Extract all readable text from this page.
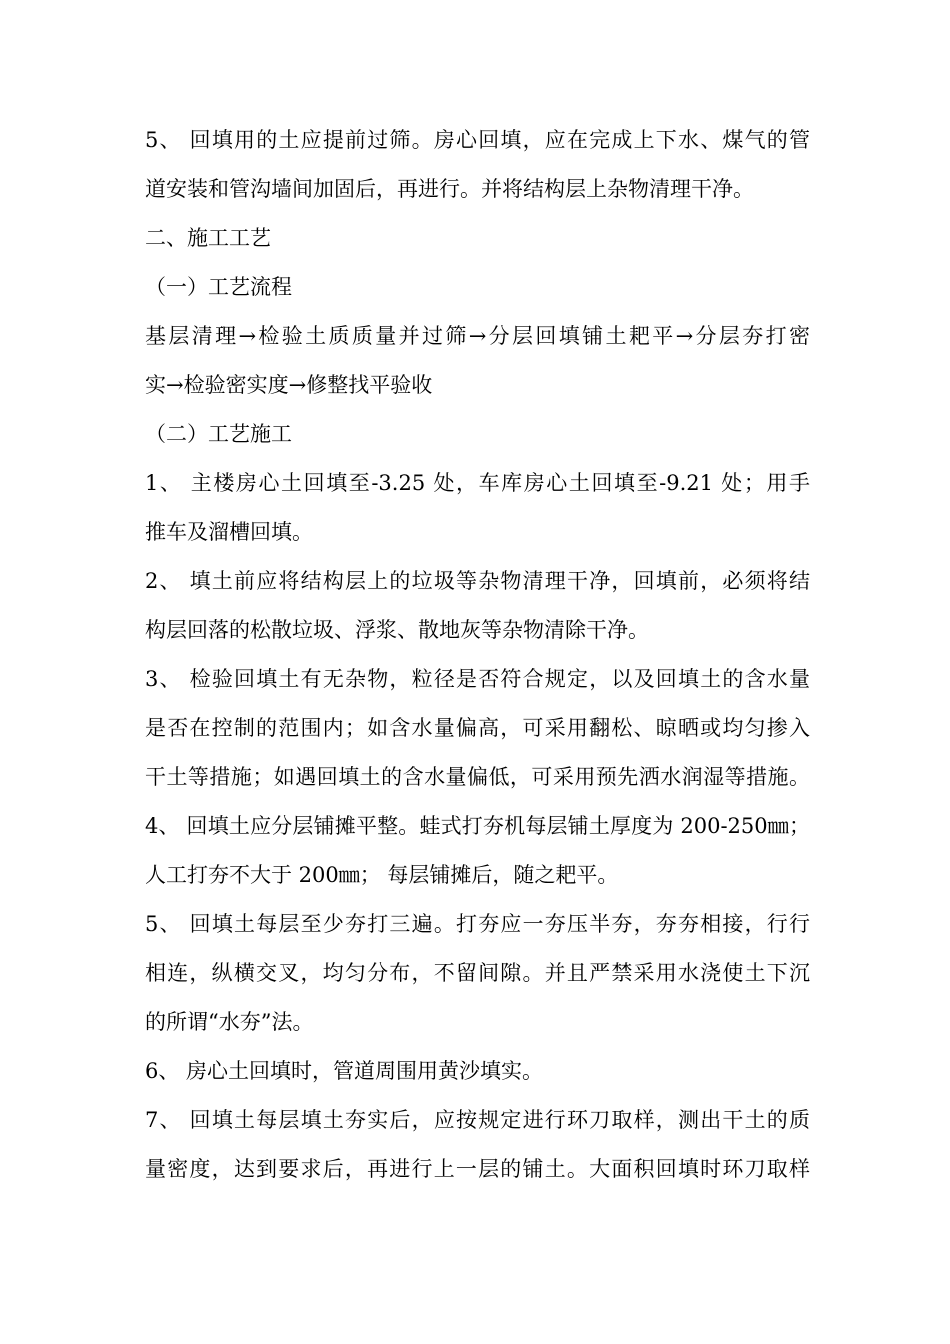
5、 回填用的土应提前过筛。房心回填，应在完成上下水、煤气的管
道安装和管沟墙间加固后，再进行。并将结构层上杂物清理干净。
二、施工工艺
（一）工艺流程
基层清理→检验土质质量并过筛→分层回填铺土耙平→分层夯打密
实→检验密实度→修整找平验收
（二）工艺施工
1、 主楼房心土回填至-3.25 处，车库房心土回填至-9.21 处；用手
推车及溜槽回填。
2、 填土前应将结构层上的垃圾等杂物清理干净，回填前，必须将结
构层回落的松散垃圾、浮浆、散地灰等杂物清除干净。
3、 检验回填土有无杂物，粒径是否符合规定，以及回填土的含水量
是否在控制的范围内；如含水量偏高，可采用翻松、晾晒或均匀掺入
干土等措施；如遇回填土的含水量偏低，可采用预先洒水润湿等措施。
4、 回填土应分层铺摊平整。蛙式打夯机每层铺土厚度为 200-250㎜；
人工打夯不大于 200㎜； 每层铺摊后，随之耙平。
5、 回填土每层至少夯打三遍。打夯应一夯压半夯，夯夯相接，行行
相连，纵横交叉，均匀分布，不留间隙。并且严禁采用水浇使土下沉
的所谓“水夯”法。
6、 房心土回填时，管道周围用黄沙填实。
7、 回填土每层填土夯实后，应按规定进行环刀取样，测出干土的质
量密度，达到要求后，再进行上一层的铺土。大面积回填时环刀取样
